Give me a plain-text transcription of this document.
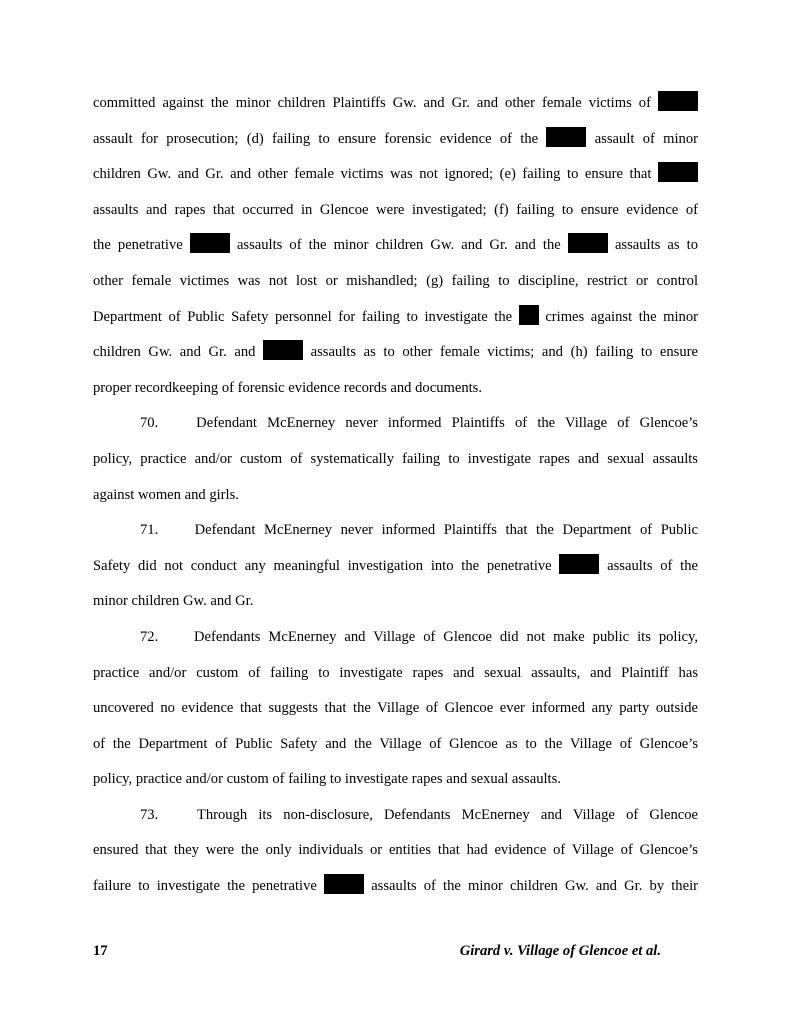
committed against the minor children Plaintiffs Gw. and Gr. and other female victims of
assault for prosecution; (d) failing to ensure forensic evidence of the	assault of minor
children Gw. and Gr. and other female victims was not ignored; (e) failing to ensure that
assaults and rapes that occurred in Glencoe were investigated; (f) failing to ensure evidence of
the penetrative	assaults of the minor children Gw. and Gr. and the	assaults as to
other female victimes was not lost or mishandled; (g) failing to discipline, restrict or control
Department of Public Safety personnel for failing to investigate the crimes against the minor
children Gw. and Gr. and	assaults as to other female victims; and (h) failing to ensure
proper recordkeeping of forensic evidence records and documents.
70.	Defendant McEnerney never informed Plaintiffs of the Village of Glencoe’s
policy, practice and/or custom of systematically failing to investigate rapes and sexual assaults
against women and girls.
71. Defendant McEnerney never informed Plaintiffs that the Department of Public
Safety did not conduct any meaningful investigation into the penetrative	assaults of the
minor children Gw. and Gr.
72. Defendants McEnerney and Village of Glencoe did not make public its policy,
practice and/or custom of failing to investigate rapes and sexual assaults, and Plaintiff has
uncovered no evidence that suggests that the Village of Glencoe ever informed any party outside
of the Department of Public Safety and the Village of Glencoe as to the Village of Glencoe’s
policy, practice and/or custom of failing to investigate rapes and sexual assaults.
73.	Through its non-disclosure, Defendants McEnerney and Village of Glencoe
ensured that they were the only individuals or entities that had evidence of Village of Glencoe’s
failure to investigate the penetrative	assaults of the minor children Gw. and Gr. by their
17	Girard v. Village of Glencoe et al.
